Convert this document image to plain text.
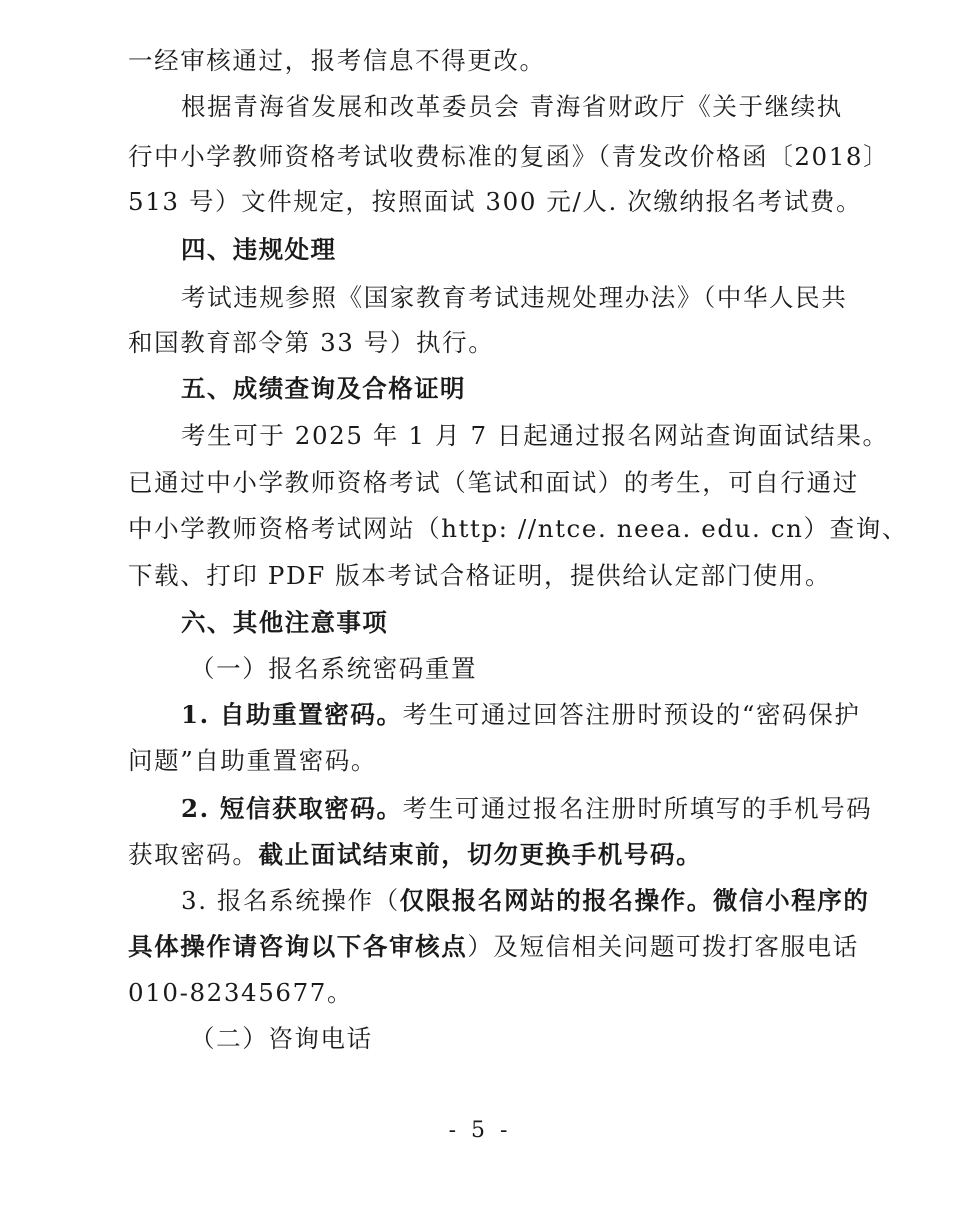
一经审核通过，报考信息不得更改。
根据青海省发展和改革委员会 青海省财政厅《关于继续执
行中小学教师资格考试收费标准的复函》（青发改价格函〔2018〕
513 号）文件规定，按照面试 300 元/人. 次缴纳报名考试费。
四、违规处理
考试违规参照《国家教育考试违规处理办法》（中华人民共
和国教育部令第 33 号）执行。
五、成绩查询及合格证明
考生可于 2025 年 1 月 7 日起通过报名网站查询面试结果。
已通过中小学教师资格考试（笔试和面试）的考生，可自行通过
中小学教师资格考试网站（http: //ntce. neea. edu. cn）查询、
下载、打印 PDF 版本考试合格证明，提供给认定部门使用。
六、其他注意事项
（一）报名系统密码重置
1. 自助重置密码。考生可通过回答注册时预设的“密码保护
问题”自助重置密码。
2. 短信获取密码。考生可通过报名注册时所填写的手机号码
获取密码。截止面试结束前，切勿更换手机号码。
3. 报名系统操作（仅限报名网站的报名操作。微信小程序的
具体操作请咨询以下各审核点）及短信相关问题可拨打客服电话
010-82345677。
（二）咨询电话
- 5 -
